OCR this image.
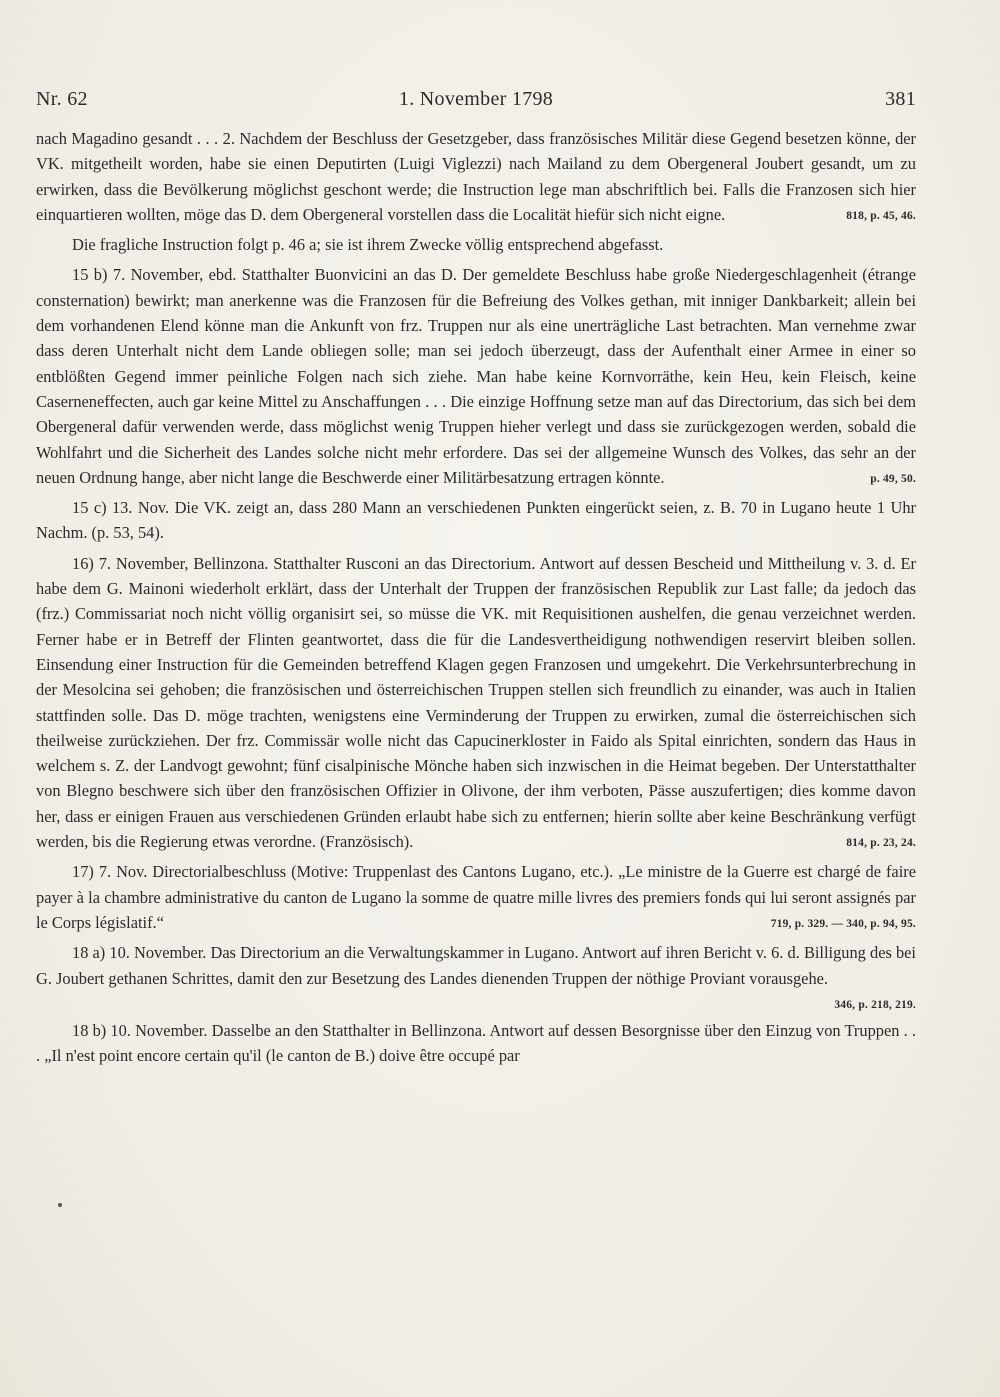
Nr. 62	1. November 1798	381

nach Magadino gesandt . . . 2. Nachdem der Beschluss der Gesetzgeber, dass französisches Militär diese Gegend besetzen könne, der VK. mitgetheilt worden, habe sie einen Deputirten (Luigi Viglezzi) nach Mailand zu dem Obergeneral Joubert gesandt, um zu erwirken, dass die Bevölkerung möglichst geschont werde; die Instruction lege man abschriftlich bei. Falls die Franzosen sich hier einquartieren wollten, möge das D. dem Obergeneral vorstellen dass die Localität hiefür sich nicht eigne.	818, p. 45, 46.

Die fragliche Instruction folgt p. 46 a; sie ist ihrem Zwecke völlig entsprechend abgefasst.

15 b) 7. November, ebd. Statthalter Buonvicini an das D. Der gemeldete Beschluss habe große Niedergeschlagenheit (étrange consternation) bewirkt; man anerkenne was die Franzosen für die Befreiung des Volkes gethan, mit inniger Dankbarkeit; allein bei dem vorhandenen Elend könne man die Ankunft von frz. Truppen nur als eine unerträgliche Last betrachten. Man vernehme zwar dass deren Unterhalt nicht dem Lande obliegen solle; man sei jedoch überzeugt, dass der Aufenthalt einer Armee in einer so entblößten Gegend immer peinliche Folgen nach sich ziehe. Man habe keine Kornvorräthe, kein Heu, kein Fleisch, keine Caserneneffecten, auch gar keine Mittel zu Anschaffungen . . . Die einzige Hoffnung setze man auf das Directorium, das sich bei dem Obergeneral dafür verwenden werde, dass möglichst wenig Truppen hieher verlegt und dass sie zurückgezogen werden, sobald die Wohlfahrt und die Sicherheit des Landes solche nicht mehr erfordere. Das sei der allgemeine Wunsch des Volkes, das sehr an der neuen Ordnung hange, aber nicht lange die Beschwerde einer Militärbesatzung ertragen könnte.	p. 49, 50.

15 c) 13. Nov. Die VK. zeigt an, dass 280 Mann an verschiedenen Punkten eingerückt seien, z. B. 70 in Lugano heute 1 Uhr Nachm. (p. 53, 54).

16) 7. November, Bellinzona. Statthalter Rusconi an das Directorium. Antwort auf dessen Bescheid und Mittheilung v. 3. d. Er habe dem G. Mainoni wiederholt erklärt, dass der Unterhalt der Truppen der französischen Republik zur Last falle; da jedoch das (frz.) Commissariat noch nicht völlig organisirt sei, so müsse die VK. mit Requisitionen aushelfen, die genau verzeichnet werden. Ferner habe er in Betreff der Flinten geantwortet, dass die für die Landesvertheidigung nothwendigen reservirt bleiben sollen. Einsendung einer Instruction für die Gemeinden betreffend Klagen gegen Franzosen und umgekehrt. Die Verkehrsunterbrechung in der Mesolcina sei gehoben; die französischen und österreichischen Truppen stellen sich freundlich zu einander, was auch in Italien stattfinden solle. Das D. möge trachten, wenigstens eine Verminderung der Truppen zu erwirken, zumal die österreichischen sich theilweise zurückziehen. Der frz. Commissär wolle nicht das Capucinerkloster in Faido als Spital einrichten, sondern das Haus in welchem s. Z. der Landvogt gewohnt; fünf cisalpinische Mönche haben sich inzwischen in die Heimat begeben. Der Unterstatthalter von Blegno beschwere sich über den französischen Offizier in Olivone, der ihm verboten, Pässe auszufertigen; dies komme davon her, dass er einigen Frauen aus verschiedenen Gründen erlaubt habe sich zu entfernen; hierin sollte aber keine Beschränkung verfügt werden, bis die Regierung etwas verordne. (Französisch).	814, p. 23, 24.

17) 7. Nov. Directorialbeschluss (Motive: Truppenlast des Cantons Lugano, etc.). „Le ministre de la Guerre est chargé de faire payer à la chambre administrative du canton de Lugano la somme de quatre mille livres des premiers fonds qui lui seront assignés par le Corps législatif.“	719, p. 329. — 340, p. 94, 95.

18 a) 10. November. Das Directorium an die Verwaltungskammer in Lugano. Antwort auf ihren Bericht v. 6. d. Billigung des bei G. Joubert gethanen Schrittes, damit den zur Besetzung des Landes dienenden Truppen der nöthige Proviant vorausgehe.
346, p. 218, 219.

18 b) 10. November. Dasselbe an den Statthalter in Bellinzona. Antwort auf dessen Besorgnisse über den Einzug von Truppen . . . „Il n'est point encore certain qu'il (le canton de B.) doive être occupé par
